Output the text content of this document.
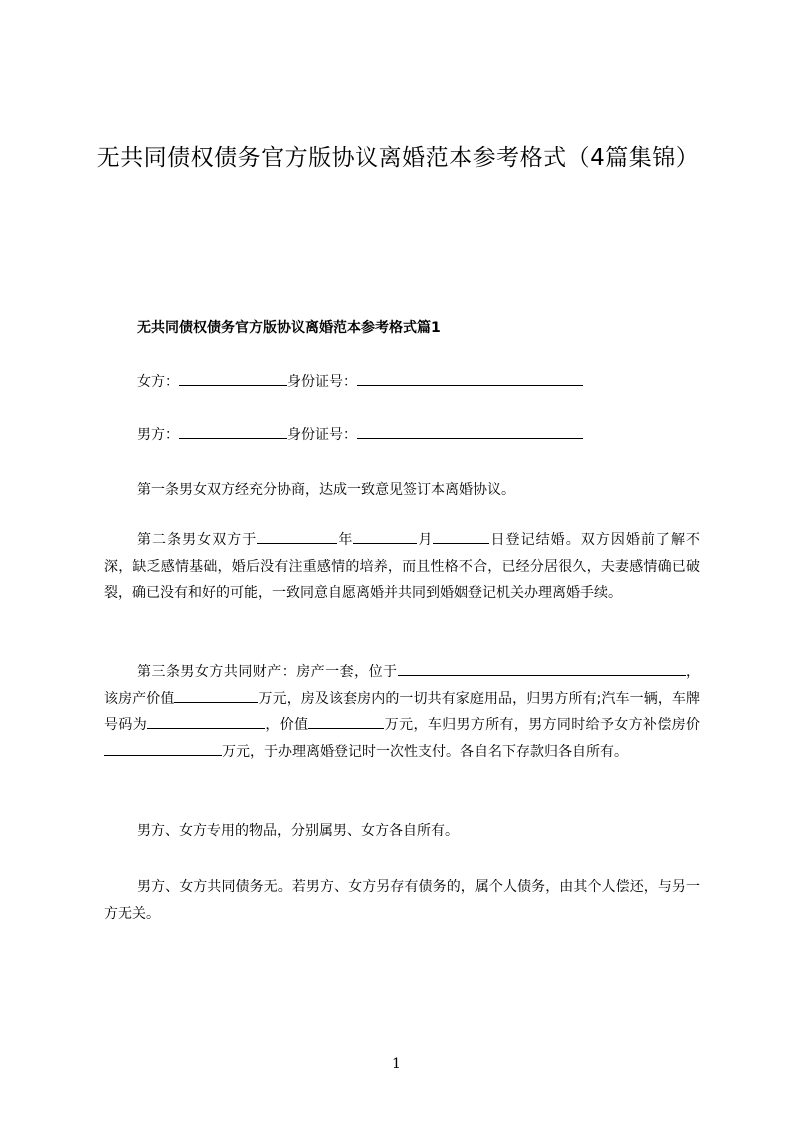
无共同债权债务官方版协议离婚范本参考格式（4篇集锦）
无共同债权债务官方版协议离婚范本参考格式篇1
女方：	身份证号：
男方：	身份证号：

第一条男女双方经充分协商，达成一致意见签订本离婚协议。

第二条男女双方于	年	月	日登记结婚。双方因婚前了解不深，缺乏感情基础，婚后没有注重感情的培养，而且性格不合，已经分居很久，夫妻感情确已破裂，确已没有和好的可能，一致同意自愿离婚并共同到婚姻登记机关办理离婚手续。

第三条男女方共同财产：房产一套，位于	，该房产价值	万元，房及该套房内的一切共有家庭用品，归男方所有;汽车一辆，车牌号码为	，价值	万元，车归男方所有，男方同时给予女方补偿房价万元，于办理离婚登记时一次性支付。各自名下存款归各自所有。

男方、女方专用的物品，分别属男、女方各自所有。

男方、女方共同债务无。若男方、女方另存有债务的，属个人债务，由其个人偿还，与另一方无关。

1
